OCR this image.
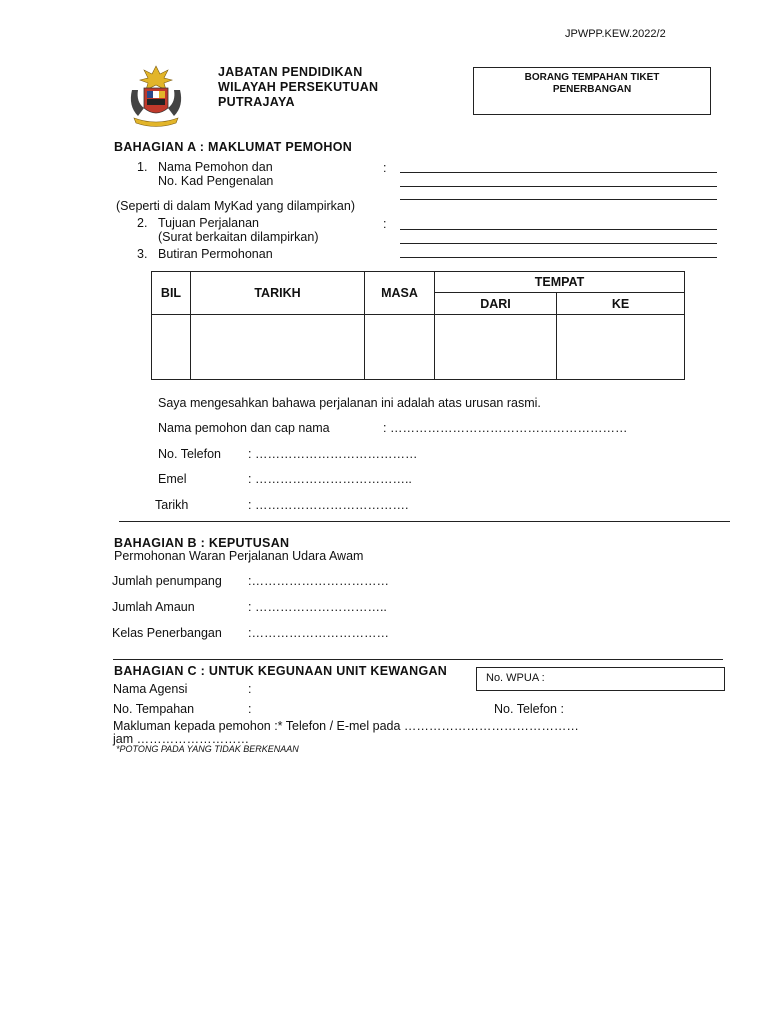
JPWPP.KEW.2022/2
JABATAN PENDIDIKAN
WILAYAH PERSEKUTUAN
PUTRAJAYA
BORANG TEMPAHAN TIKET
PENERBANGAN
BAHAGIAN A : MAKLUMAT PEMOHON
1. Nama Pemohon dan
No. Kad Pengenalan
:
(Seperti di dalam MyKad yang dilampirkan)
2. Tujuan Perjalanan
(Surat berkaitan dilampirkan)
:
3. Butiran Permohonan
BIL	TARIKH	MASA	TEMPAT	
			DARI	KE

Saya mengesahkan bahawa perjalanan ini adalah atas urusan rasmi.
Nama pemohon dan cap nama	: …………………………………………………
No. Telefon : …………………………………
Emel	: ………………………………..
Tarikh	: ……………………………….
BAHAGIAN B : KEPUTUSAN
Permohonan Waran Perjalanan Udara Awam
Jumlah penumpang :……………………………
Jumlah Amaun	: …………………………..
Kelas Penerbangan :……………………………
BAHAGIAN C : UNTUK KEGUNAAN UNIT KEWANGAN	No. WPUA :
Nama Agensi	:
No. Tempahan	:	No. Telefon :
Makluman kepada pemohon :* Telefon / E-mel pada ……………………………………
jam ………………………
*POTONG PADA YANG TIDAK BERKENAAN
